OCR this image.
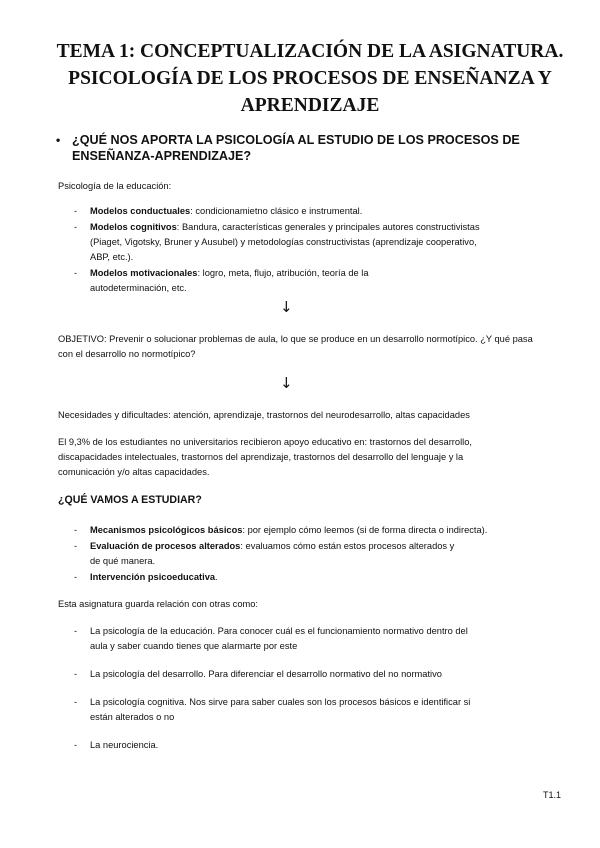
TEMA 1: CONCEPTUALIZACIÓN DE LA ASIGNATURA.
PSICOLOGÍA DE LOS PROCESOS DE ENSEÑANZA Y
APRENDIZAJE
• ¿QUÉ NOS APORTA LA PSICOLOGÍA AL ESTUDIO DE LOS PROCESOS DE
ENSEÑANZA-APRENDIZAJE?
Psicología de la educación:
- Modelos conductuales: condicionamietno clásico e instrumental.
- Modelos cognitivos: Bandura, características generales y principales autores constructivistas
(Piaget, Vigotsky, Bruner y Ausubel) y metodologías constructivistas (aprendizaje cooperativo,
ABP, etc.).
- Modelos motivacionales: logro, meta, flujo, atribución, teoría de la
autodeterminación, etc.
↓
OBJETIVO: Prevenir o solucionar problemas de aula, lo que se produce en un desarrollo normotípico. ¿Y qué pasa
con el desarrollo no normotípico?
↓
Necesidades y dificultades: atención, aprendizaje, trastornos del neurodesarrollo, altas capacidades
El 9,3% de los estudiantes no universitarios recibieron apoyo educativo en: trastornos del desarrollo,
discapacidades intelectuales, trastornos del aprendizaje, trastornos del desarrollo del lenguaje y la
comunicación y/o altas capacidades.
¿QUÉ VAMOS A ESTUDIAR?
- Mecanismos psicológicos básicos: por ejemplo cómo leemos (si de forma directa o indirecta).
- Evaluación de procesos alterados: evaluamos cómo están estos procesos alterados y
de qué manera.
- Intervención psicoeducativa.
Esta asignatura guarda relación con otras como:
- La psicología de la educación. Para conocer cuál es el funcionamiento normativo dentro del
aula y saber cuando tienes que alarmarte por este
- La psicología del desarrollo. Para diferenciar el desarrollo normativo del no normativo
- La psicología cognitiva. Nos sirve para saber cuales son los procesos básicos e identificar si
están alterados o no
- La neurociencia.
T1.1
